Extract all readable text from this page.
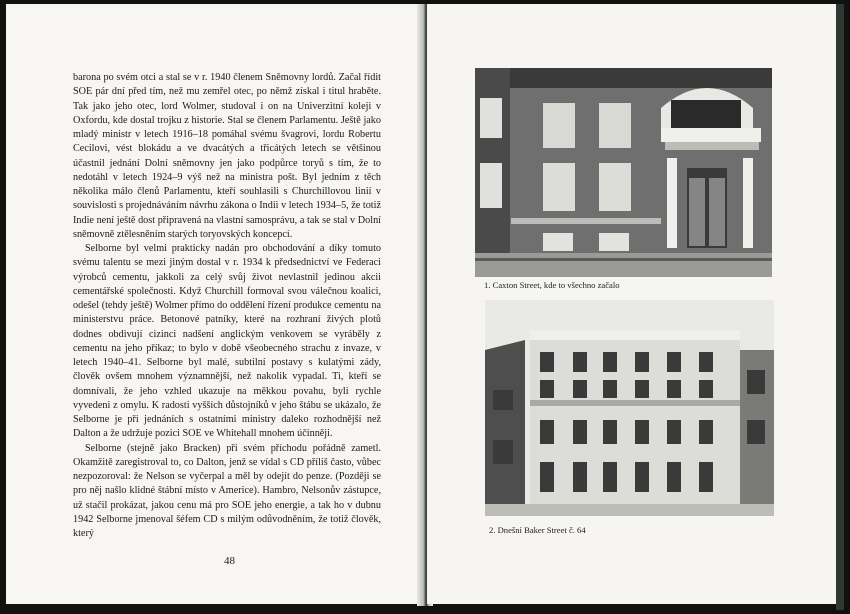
barona po svém otci a stal se v r. 1940 členem Sněmovny lordů. Začal řídit SOE pár dní před tím, než mu zemřel otec, po němž získal i titul hraběte. Tak jako jeho otec, lord Wolmer, studoval i on na Univerzitní koleji v Oxfordu, kde dostal trojku z historie. Stal se členem Parlamentu. Ještě jako mladý ministr v letech 1916–18 pomáhal svému švagrovi, lordu Robertu Cecilovi, vést blokádu a ve dvacátých a třicátých letech se většinou účastnil jednání Dolní sněmovny jen jako podpůrce toryů s tím, že to nedotáhl v letech 1924–9 výš než na ministra pošt. Byl jedním z těch několika málo členů Parlamentu, kteří souhlasili s Churchillovou linií v souvislosti s projednáváním návrhu zákona o Indii v letech 1934–5, že totiž Indie není ještě dost připravená na vlastní samosprávu, a tak se stal v Dolní sněmovně ztělesněním starých toryovských koncepcí.

Selborne byl velmi prakticky nadán pro obchodování a díky tomuto svému talentu se mezi jiným dostal v r. 1934 k předsednictví ve Federaci výrobců cementu, jakkoli za celý svůj život nevlastnil jedinou akcii cementářské společnosti. Když Churchill formoval svou válečnou koalici, odešel (tehdy ještě) Wolmer přímo do oddělení řízení produkce cementu na ministerstvu práce. Betonové patníky, které na rozhraní živých plotů dodnes obdivují cizinci nadšení anglickým venkovem se vyráběly z cementu na jeho příkaz; to bylo v době všeobecného strachu z invaze, v letech 1940–41. Selborne byl malé, subtilní postavy s kulatými zády, člověk ovšem mnohem významnější, než nakolik vypadal. Ti, kteří se domnívali, že jeho vzhled ukazuje na měkkou povahu, byli rychle vyvedeni z omylu. K radosti vyšších důstojníků v jeho štábu se ukázalo, že Selborne je při jednáních s ostatními ministry daleko rozhodnější než Dalton a že udržuje pozici SOE ve Whitehall mnohem účinněji.

Selborne (stejně jako Bracken) při svém příchodu pořádně zametl. Okamžitě zaregistroval to, co Dalton, jenž se vídal s CD příliš často, vůbec nezpozoroval: že Nelson se vyčerpal a měl by odejít do penze. (Později se pro něj našlo klidné štábní místo v Americe). Hambro, Nelsonův zástupce, už stačil prokázat, jakou cenu má pro SOE jeho energie, a tak ho v dubnu 1942 Selborne jmenoval šéfem CD s milým odůvodněním, že totiž člověk, který

48
1. Caxton Street, kde to všechno začalo
2. Dnešní Baker Street č. 64
